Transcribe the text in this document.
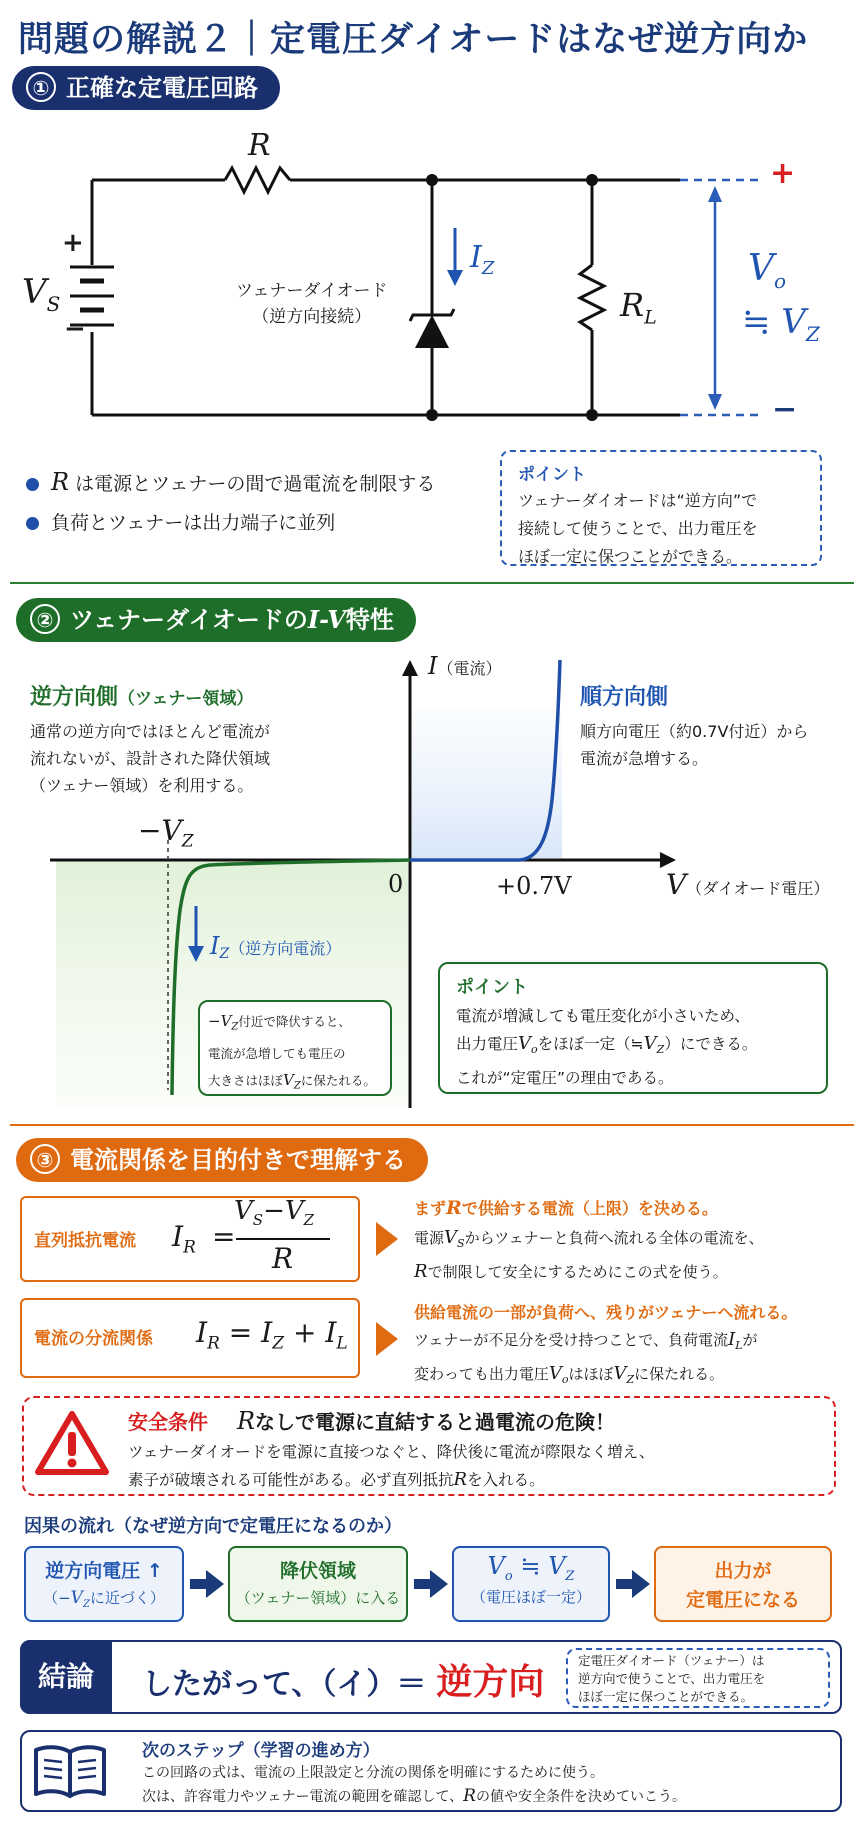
問題の解説２｜定電圧ダイオードはなぜ逆方向か
① 正確な定電圧回路
R
+
−
$V_S$
$I_Z$
ツェナーダイオード
（逆方向接続）	$R_L$
+
−
$V_o$
≒ $V_Z$
R は電源とツェナーの間で過電流を制限する
負荷とツェナーは出力端子に並列
ポイント
ツェナーダイオードは“逆方向”で
接続して使うことで、出力電圧を
ほぼ一定に保つことができる。
② ツェナーダイオードのI-V特性
I（電流）
V（ダイオード電圧）
0	+0.7V
$-V_Z$
逆方向側（ツェナー領域）
通常の逆方向ではほとんど電流が
流れないが、設計された降伏領域
（ツェナー領域）を利用する。
順方向側
順方向電圧（約0.7V付近）から
電流が急増する。
$I_Z$（逆方向電流）
$-V_Z$付近で降伏すると、
電流が急増しても電圧の
大きさはほぼ$V_Z$に保たれる。
ポイント
電流が増減しても電圧変化が小さいため、
出力電圧$V_o$をほぼ一定$(≒V_Z)$にできる。
これが“定電圧”の理由である。
③ 電流関係を目的付きで理解する
直列抵抗電流 $I_R$ =
$V_S-V_Z$
R
まずRで供給する電流（上限）を決める。
電源$V_S$からツェナーと負荷へ流れる全体の電流を、
Rで制限して安全にするためにこの式を使う。
電流の分流関係 $I_R = I_Z + I_L$
供給電流の一部が負荷へ、残りがツェナーへ流れる。
ツェナーが不足分を受け持つことで、負荷電流$I_L$が
変わっても出力電圧$V_o$はほぼ$V_Z$に保たれる。
安全条件 Rなしで電源に直結すると過電流の危険！
ツェナーダイオードを電源に直接つなぐと、降伏後に電流が際限なく増え、
素子が破壊される可能性がある。必ず直列抵抗Rを入れる。
因果の流れ（なぜ逆方向で定電圧になるのか）
逆方向電圧 ↑
（$-V_Z$に近づく）
降伏領域
（ツェナー領域）に入る
$V_o$ ≒ $V_Z$
（電圧ほぼ一定）
出力が
定電圧になる
結論	したがって、（イ）＝ 逆方向
定電圧ダイオード（ツェナー）は
逆方向で使うことで、出力電圧を
ほぼ一定に保つことができる。
次のステップ（学習の進め方）
この回路の式は、電流の上限設定と分流の関係を明確にするために使う。
次は、許容電力やツェナー電流の範囲を確認して、Rの値や安全条件を決めていこう。
